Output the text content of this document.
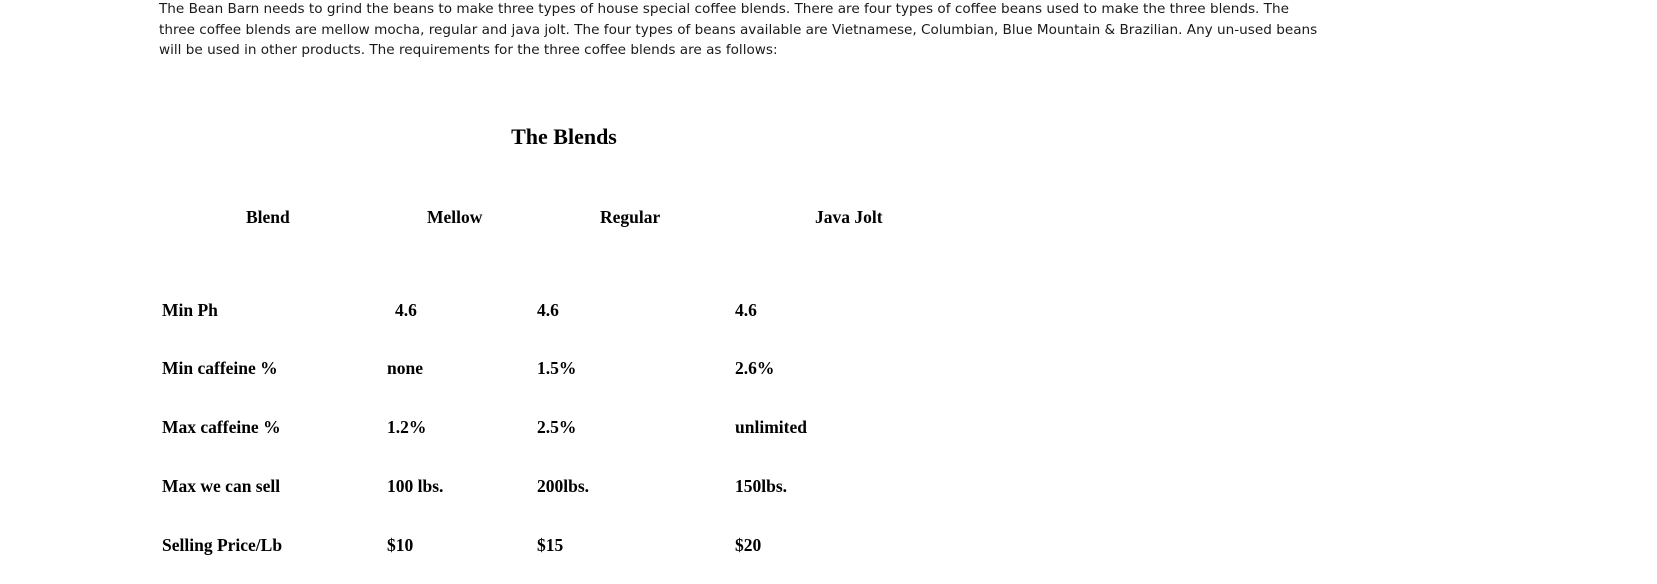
The Bean Barn needs to grind the beans to make three types of house special coffee blends. There are four types of coffee beans used to make the three blends. The three coffee blends are mellow mocha, regular and java jolt. The four types of beans available are Vietnamese, Columbian, Blue Mountain & Brazilian. Any un-used beans will be used in other products. The requirements for the three coffee blends are as follows:

The Blends
Blend	Mellow	Regular	Java Jolt
Min Ph	4.6	4.6	4.6
Min caffeine %	none	1.5%	2.6%
Max caffeine %	1.2%	2.5%	unlimited
Max we can sell	100 lbs.	200lbs.	150lbs.
Selling Price/Lb	$10	$15	$20
